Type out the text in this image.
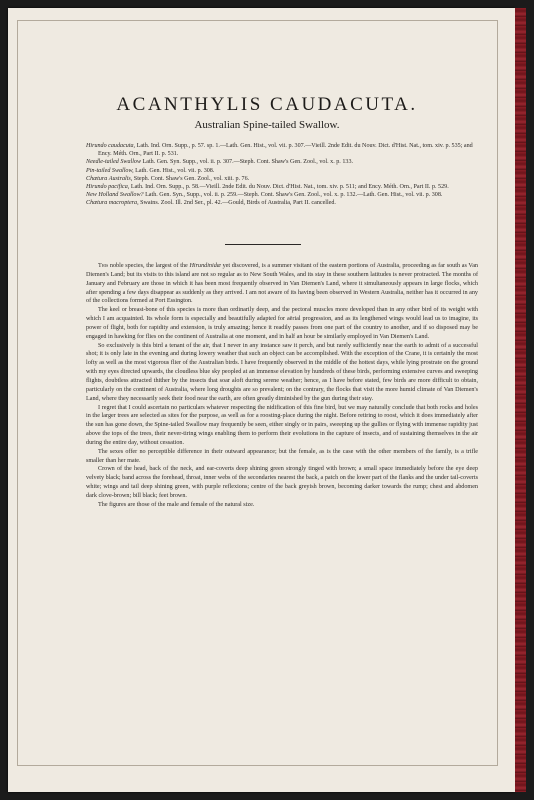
ACANTHYLIS CAUDACUTA.
Australian Spine-tailed Swallow.
Hirundo caudacuta, Lath. Ind. Orn. Supp., p. 57. sp. 1.—Lath. Gen. Hist., vol. vii. p. 307.—Vieill. 2nde Edit. du Nouv. Dict. d'Hist. Nat., tom. xiv. p. 535; and Ency. Méth. Orn., Part II. p. 531.
Needle-tailed Swallow Lath. Gen. Syn. Supp., vol. ii. p. 307.—Steph. Cont. Shaw's Gen. Zool., vol. x. p. 133.
Pin-tailed Swallow, Lath. Gen. Hist., vol. vii. p. 308.
Chætura Australis, Steph. Cont. Shaw's Gen. Zool., vol. xiii. p. 76.
Hirundo pacifica, Lath. Ind. Orn. Supp., p. 58.—Vieill. 2nde Edit. du Nouv. Dict. d'Hist. Nat., tom. xiv. p. 511; and Ency. Méth. Orn., Part II. p. 529.
New Holland Swallow? Lath. Gen. Syn., Supp., vol. ii. p. 259.—Steph. Cont. Shaw's Gen. Zool., vol. x. p. 132.—Lath. Gen. Hist., vol. vii. p. 308.
Chætura macroptera, Swains. Zool. Ill. 2nd Ser., pl. 42.—Gould, Birds of Australia, Part II. cancelled.

This noble species, the largest of the Hirundinidæ yet discovered, is a summer visitant of the eastern portions of Australia, proceeding as far south as Van Diemen's Land; but its visits to this island are not so regular as to New South Wales, and its stay in these southern latitudes is never protracted. The months of January and February are those in which it has been most frequently observed in Van Diemen's Land, where it simultaneously appears in large flocks, which after spending a few days disappear as suddenly as they arrived. I am not aware of its having been observed in Western Australia, neither has it occurred in any of the collections formed at Port Essington.

The keel or breast-bone of this species is more than ordinarily deep, and the pectoral muscles more developed than in any other bird of its weight with which I am acquainted. Its whole form is especially and beautifully adapted for aërial progression, and as its lengthened wings would lead us to imagine, its power of flight, both for rapidity and extension, is truly amazing; hence it readily passes from one part of the country to another, and if so disposed may be engaged in hawking for flies on the continent of Australia at one moment, and in half an hour be similarly employed in Van Diemen's Land.

So exclusively is this bird a tenant of the air, that I never in any instance saw it perch, and but rarely sufficiently near the earth to admit of a successful shot; it is only late in the evening and during lowery weather that such an object can be accomplished. With the exception of the Crane, it is certainly the most lofty as well as the most vigorous flier of the Australian birds. I have frequently observed in the middle of the hottest days, while lying prostrate on the ground with my eyes directed upwards, the cloudless blue sky peopled at an immense elevation by hundreds of these birds, performing extensive curves and sweeping flights, doubtless attracted thither by the insects that soar aloft during serene weather; hence, as I have before stated, few birds are more difficult to obtain, particularly on the continent of Australia, where long droughts are so prevalent; on the contrary, the flocks that visit the more humid climate of Van Diemen's Land, where they necessarily seek their food near the earth, are often greatly diminished by the gun during their stay.

I regret that I could ascertain no particulars whatever respecting the nidification of this fine bird, but we may naturally conclude that both rocks and holes in the larger trees are selected as sites for the purpose, as well as for a roosting-place during the night. Before retiring to roost, which it does immediately after the sun has gone down, the Spine-tailed Swallow may frequently be seen, either singly or in pairs, sweeping up the gullies or flying with immense rapidity just above the tops of the trees, their never-tiring wings enabling them to perform their evolutions in the capture of insects, and of sustaining themselves in the air during the entire day, without cessation.

The sexes offer no perceptible difference in their outward appearance; but the female, as is the case with the other members of the family, is a trifle smaller than her mate.

Crown of the head, back of the neck, and ear-coverts deep shining green strongly tinged with brown; a small space immediately before the eye deep velvety black; band across the forehead, throat, inner webs of the secondaries nearest the back, a patch on the lower part of the flanks and the under tail-coverts white; wings and tail deep shining green, with purple reflexions; centre of the back greyish brown, becoming darker towards the rump; chest and abdomen dark clove-brown; bill black; feet brown.

The figures are those of the male and female of the natural size.
